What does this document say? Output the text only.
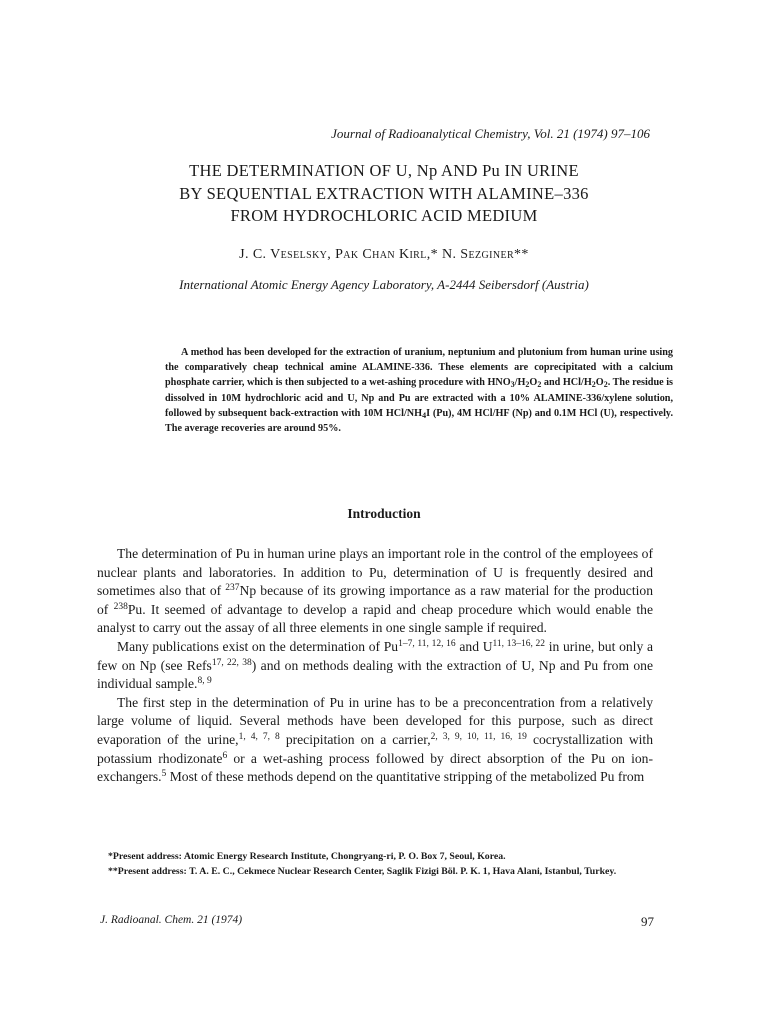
Journal of Radioanalytical Chemistry, Vol. 21 (1974) 97–106
THE DETERMINATION OF U, Np AND Pu IN URINE
BY SEQUENTIAL EXTRACTION WITH ALAMINE–336
FROM HYDROCHLORIC ACID MEDIUM
J. C. Veselsky, Pak Chan Kirl,* N. Sezginer**
International Atomic Energy Agency Laboratory, A-2444 Seibersdorf (Austria)
A method has been developed for the extraction of uranium, neptunium and plutonium from human urine using the comparatively cheap technical amine ALAMINE-336. These elements are coprecipitated with a calcium phosphate carrier, which is then subjected to a wet-ashing procedure with $HNO_3/H_2O_2$ and HCl/$H_2O_2$. The residue is dissolved in 10M hydrochloric acid and U, Np and Pu are extracted with a 10% ALAMINE-336/xylene solution, followed by subsequent back-extraction with 10M HCl/$NH_4I$ (Pu), 4M HCl/HF (Np) and 0.1M HCl (U), respectively. The average recoveries are around 95%.
Introduction

The determination of Pu in human urine plays an important role in the control of the employees of nuclear plants and laboratories. In addition to Pu, determination of U is frequently desired and sometimes also that of $^{237}$Np because of its growing importance as a raw material for the production of $^{238}$Pu. It seemed of advantage to develop a rapid and cheap procedure which would enable the analyst to carry out the assay of all three elements in one single sample if required.

Many publications exist on the determination of Pu$^{1-7, 11, 12, 16}$ and U$^{11, 13-16, 22}$ in urine, but only a few on Np (see Refs$^{17, 22, 38}$) and on methods dealing with the extraction of U, Np and Pu from one individual sample.$^{8, 9}$

The first step in the determination of Pu in urine has to be a preconcentration from a relatively large volume of liquid. Several methods have been developed for this purpose, such as direct evaporation of the urine,$^{1, 4, 7, 8}$ precipitation on a carrier,$^{2, 3, 9, 10, 11, 16, 19}$ cocrystallization with potassium rhodizonate$^6$ or a wet-ashing process followed by direct absorption of the Pu on ion-exchangers.$^5$ Most of these methods depend on the quantitative stripping of the metabolized Pu from

*Present address: Atomic Energy Research Institute, Chongryang-ri, P. O. Box 7, Seoul, Korea.
**Present address: T. A. E. C., Cekmece Nuclear Research Center, Saglik Fizigi Böl. P. K. 1, Hava Alani, Istanbul, Turkey.
J. Radioanal. Chem. 21 (1974)	97
